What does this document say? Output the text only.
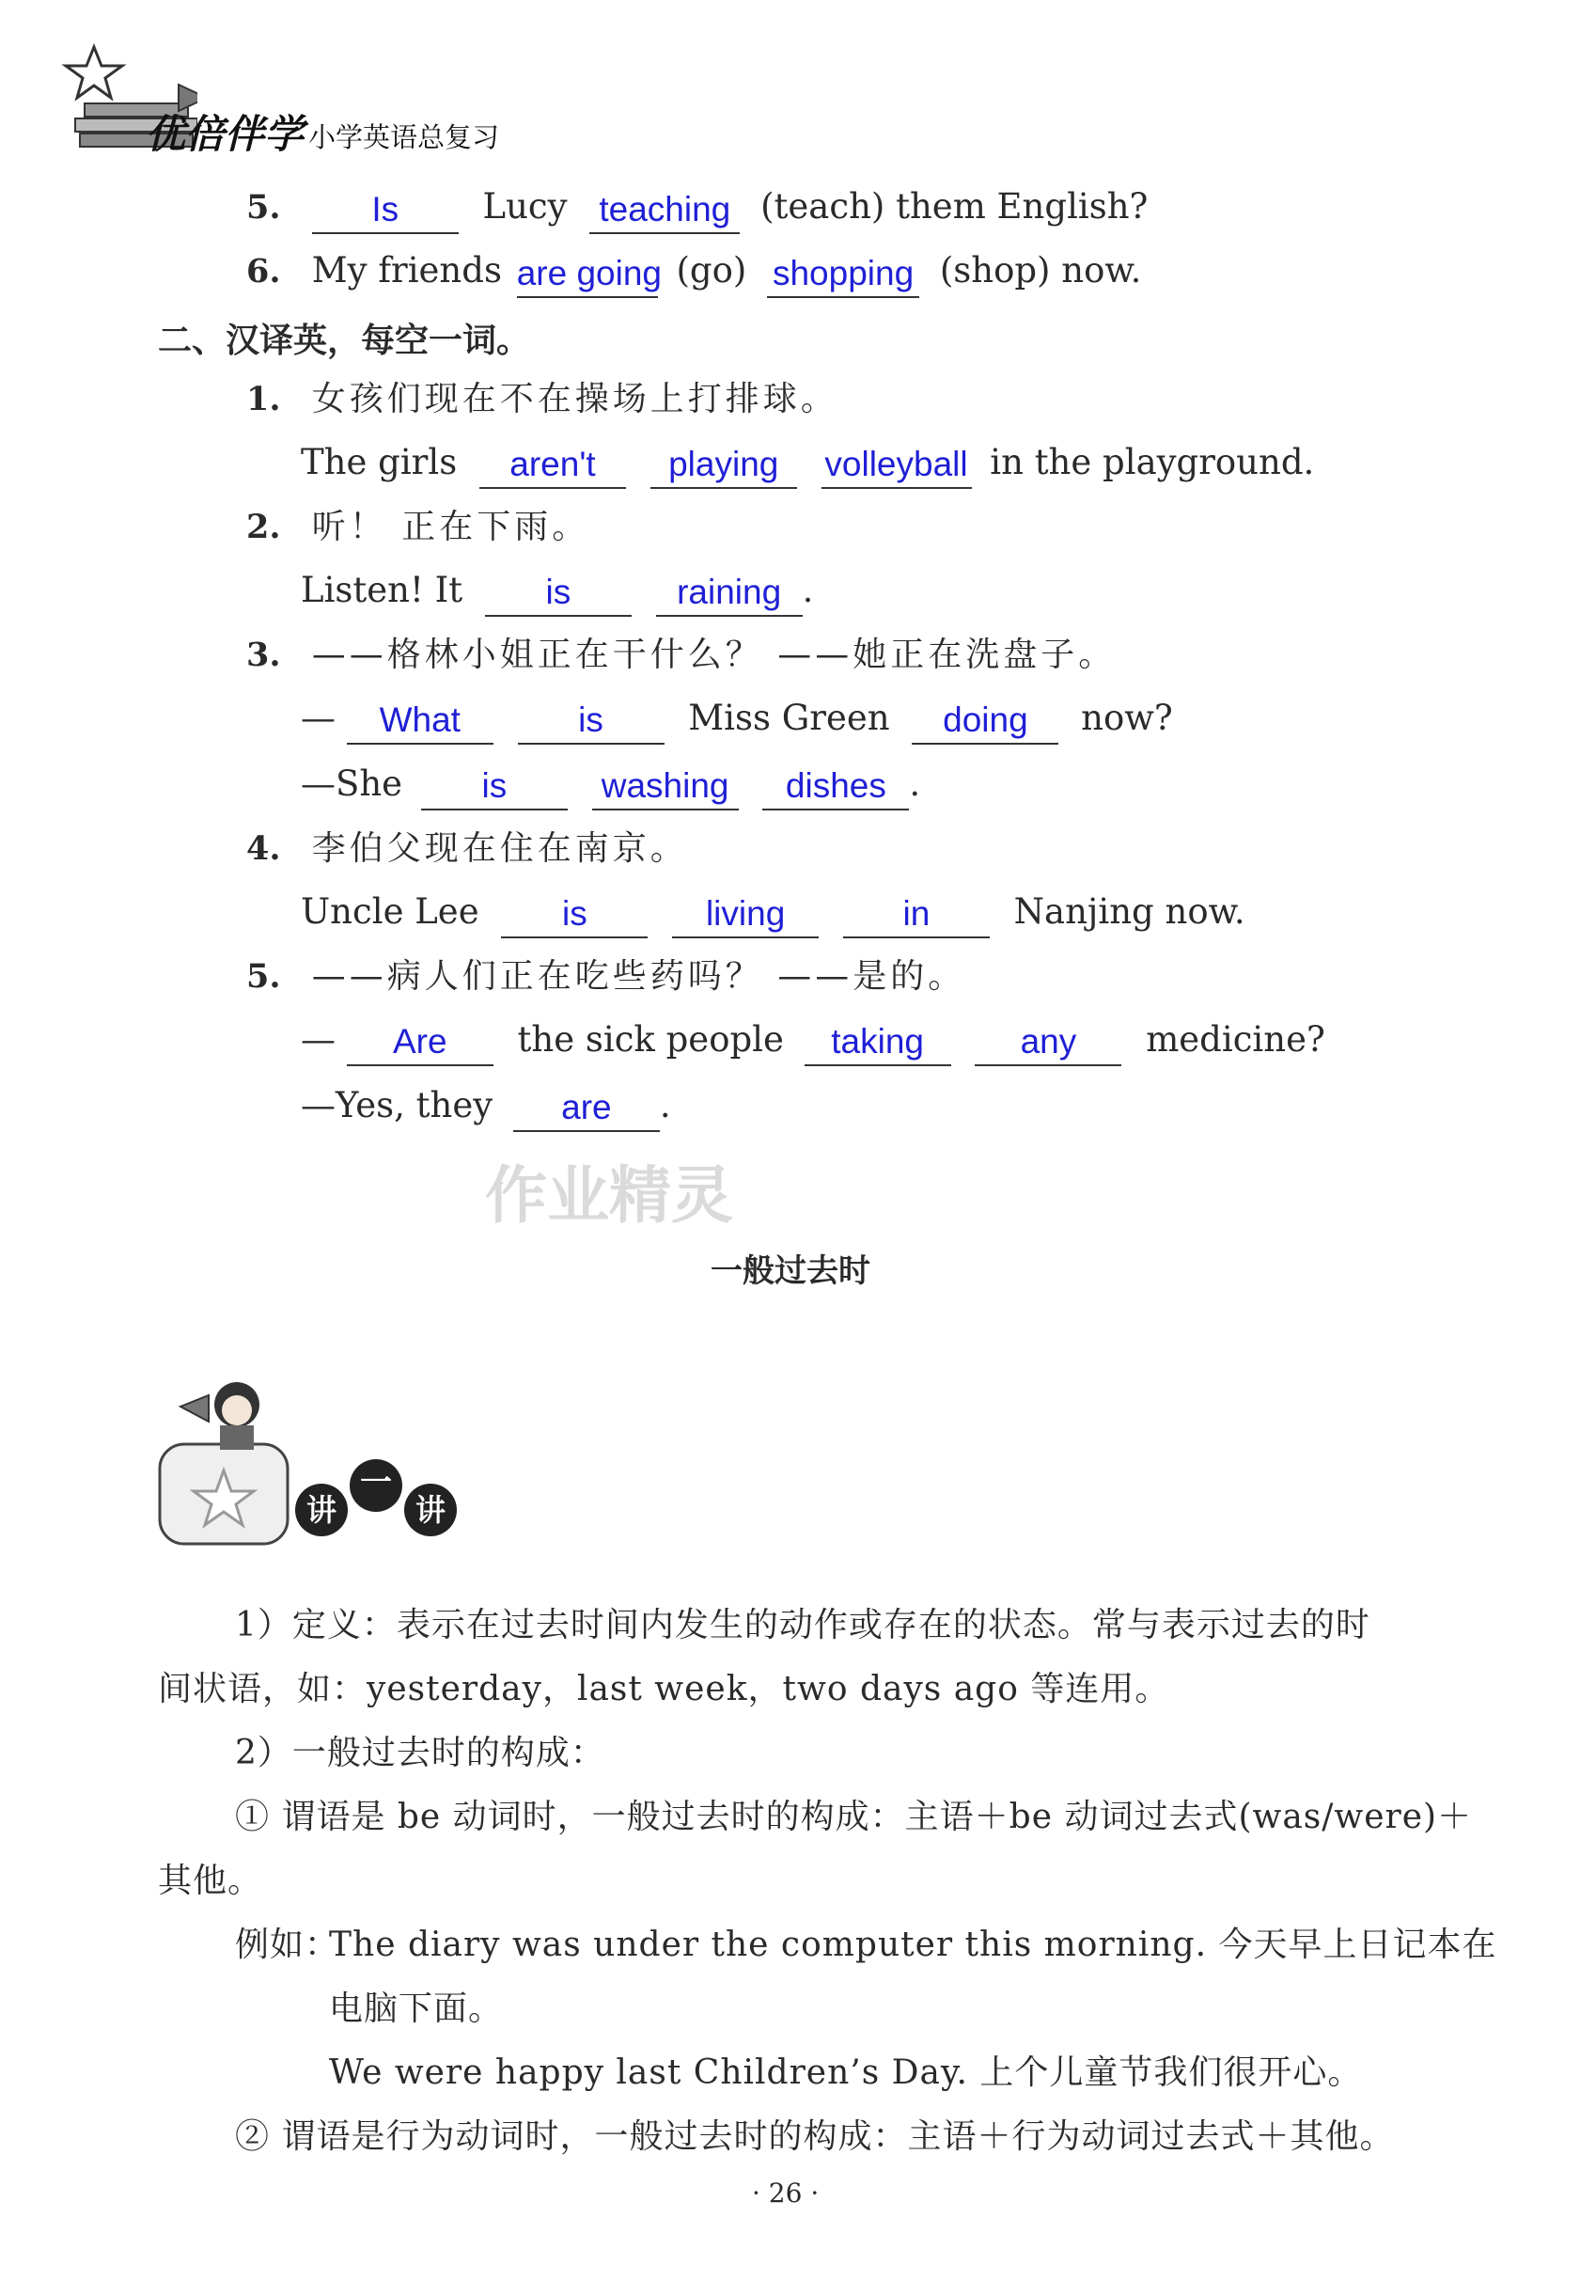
优倍伴学 小学英语总复习
5.	Is	Lucy teaching (teach) them English?
6. My friends are going (go) shopping (shop) now.
二、汉译英，每空一词。
1. 女孩们现在不在操场上打排球。
The girls	aren't
	playing
	volleyball in the playground.
2. 听！ 正在下雨。
Listen! It	is
	raining .
3. ——格林小姐正在干什么？ ——她正在洗盘子。
—	What
	is	Miss Green	doing	now?
—She	is
	washing
	dishes .
4. 李伯父现在住在南京。
Uncle Lee	is
	living
	in	Nanjing now.
5. ——病人们正在吃些药吗？ ——是的。
—	Are	the sick people	taking
	any	medicine?
—Yes, they	are	.
作业精灵
一般过去时
讲
一
讲
1）定义：表示在过去时间内发生的动作或存在的状态。常与表示过去的时
间状语，如：yesterday，last week，two days ago 等连用。
2）一般过去时的构成：
① 谓语是 be 动词时，一般过去时的构成：主语＋be 动词过去式(was/were)＋
其他。
例如：
The diary was under the computer this morning. 今天早上日记本在
电脑下面。
We were happy last Children’s Day. 上个儿童节我们很开心。
② 谓语是行为动词时，一般过去时的构成：主语＋行为动词过去式＋其他。
· 26 ·
